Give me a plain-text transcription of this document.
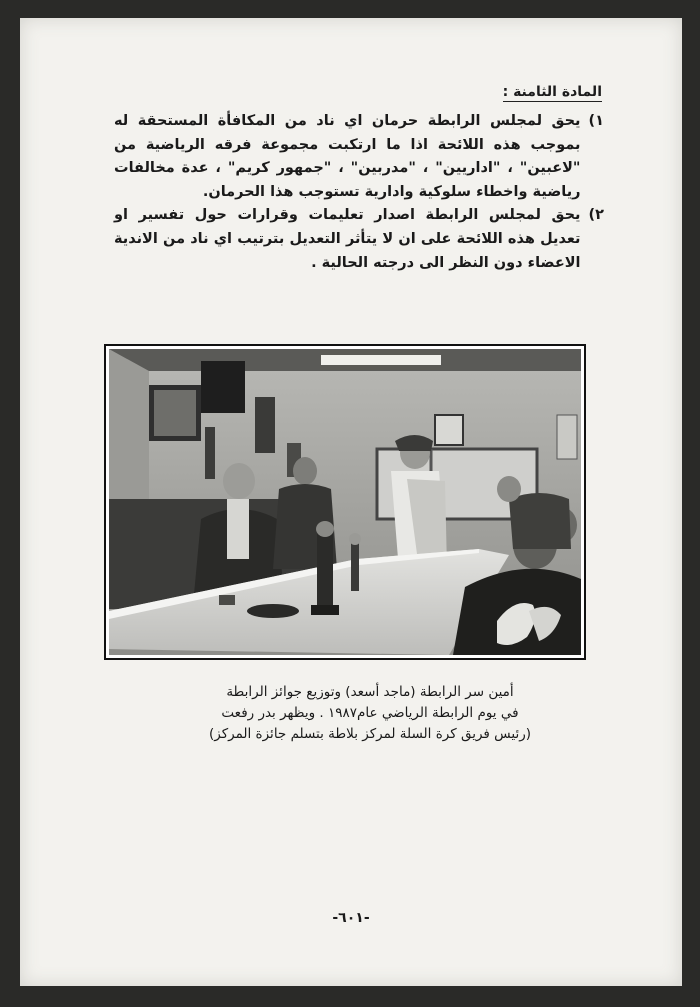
المادة الثامنة :
١)
يحق لمجلس الرابطة حرمان اي ناد من المكافأة المستحقة له بموجب هذه اللائحة اذا ما ارتكبت مجموعة فرقه الرياضية من "لاعبين" ، "اداريين" ، "مدربين" ، "جمهور كريم" ، عدة مخالفات رياضية واخطاء سلوكية وادارية تستوجب هذا الحرمان.
٢)
يحق لمجلس الرابطة اصدار تعليمات وقرارات حول تفسير او تعديل هذه اللائحة على ان لا يتأثر التعديل بترتيب اي ناد من الاندية الاعضاء دون النظر الى درجته الحالية .
أمين سر الرابطة (ماجد أسعد) وتوزيع جوائز الرابطة
في يوم الرابطة الرياضي عام١٩٨٧ . ويظهر بدر رفعت
(رئيس فريق كرة السلة لمركز بلاطة بتسلم جائزة المركز)
-٦٠١-
